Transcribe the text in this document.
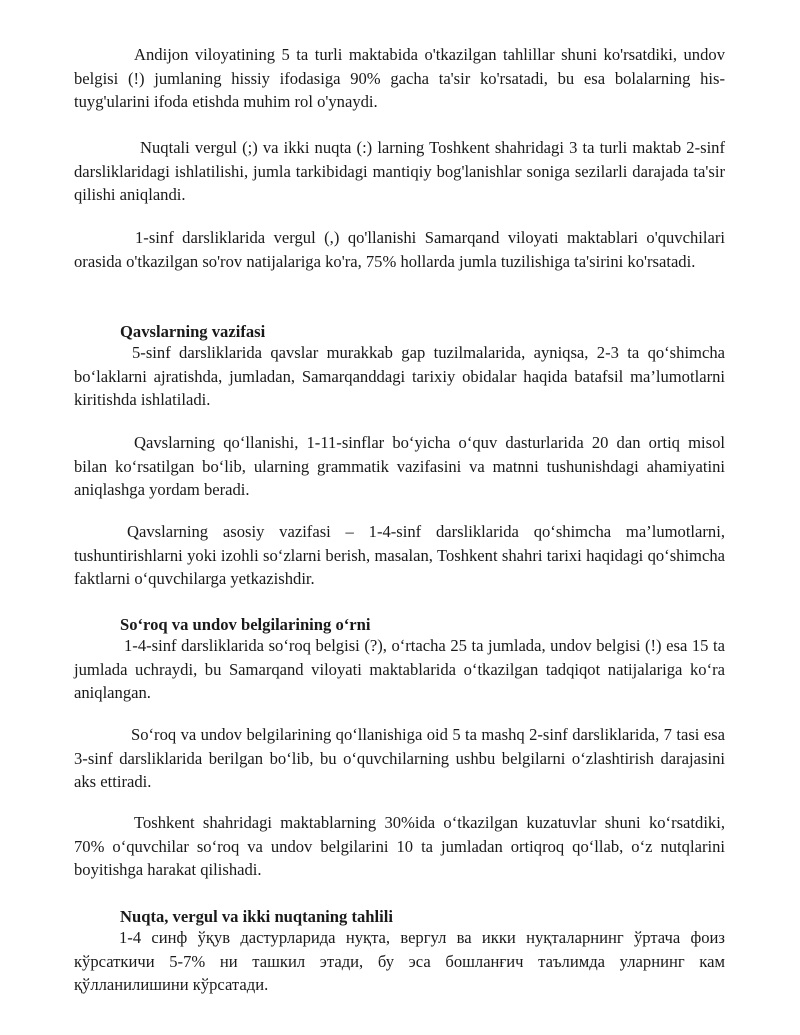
Andijon viloyatining 5 ta turli maktabida o'tkazilgan tahlillar shuni ko'rsatdiki, undov belgisi (!) jumlaning hissiy ifodasiga 90% gacha ta'sir ko'rsatadi, bu esa bolalarning his-tuyg'ularini ifoda etishda muhim rol o'ynaydi.

Nuqtali vergul (;) va ikki nuqta (:) larning Toshkent shahridagi 3 ta turli maktab 2-sinf darsliklaridagi ishlatilishi, jumla tarkibidagi mantiqiy bog'lanishlar soniga sezilarli darajada ta'sir qilishi aniqlandi.

1-sinf darsliklarida vergul (,) qo'llanishi Samarqand viloyati maktablari o'quvchilari orasida o'tkazilgan so'rov natijalariga ko'ra, 75% hollarda jumla tuzilishiga ta'sirini ko'rsatadi.

Qavslarning vazifasi

5-sinf darsliklarida qavslar murakkab gap tuzilmalarida, ayniqsa, 2-3 ta qo‘shimcha bo‘laklarni ajratishda, jumladan, Samarqanddagi tarixiy obidalar haqida batafsil ma’lumotlarni kiritishda ishlatiladi.

Qavslarning qo‘llanishi, 1-11-sinflar bo‘yicha o‘quv dasturlarida 20 dan ortiq misol bilan ko‘rsatilgan bo‘lib, ularning grammatik vazifasini va matnni tushunishdagi ahamiyatini aniqlashga yordam beradi.

Qavslarning asosiy vazifasi – 1-4-sinf darsliklarida qo‘shimcha ma’lumotlarni, tushuntirishlarni yoki izohli so‘zlarni berish, masalan, Toshkent shahri tarixi haqidagi qo‘shimcha faktlarni o‘quvchilarga yetkazishdir.

So‘roq va undov belgilarining o‘rni

1-4-sinf darsliklarida so‘roq belgisi (?), o‘rtacha 25 ta jumlada, undov belgisi (!) esa 15 ta jumlada uchraydi, bu Samarqand viloyati maktablarida o‘tkazilgan tadqiqot natijalariga ko‘ra aniqlangan.

So‘roq va undov belgilarining qo‘llanishiga oid 5 ta mashq 2-sinf darsliklarida, 7 tasi esa 3-sinf darsliklarida berilgan bo‘lib, bu o‘quvchilarning ushbu belgilarni o‘zlashtirish darajasini aks ettiradi.

Toshkent shahridagi maktablarning 30%ida o‘tkazilgan kuzatuvlar shuni ko‘rsatdiki, 70% o‘quvchilar so‘roq va undov belgilarini 10 ta jumladan ortiqroq qo‘llab, o‘z nutqlarini boyitishga harakat qilishadi.

Nuqta, vergul va ikki nuqtaning tahlili

1-4 синф ўқув дастурларида нуқта, вергул ва икки нуқталарнинг ўртача фоиз кўрсаткичи 5-7% ни ташкил этади, бу эса бошланғич таълимда уларнинг кам қўлланилишини кўрсатади.
